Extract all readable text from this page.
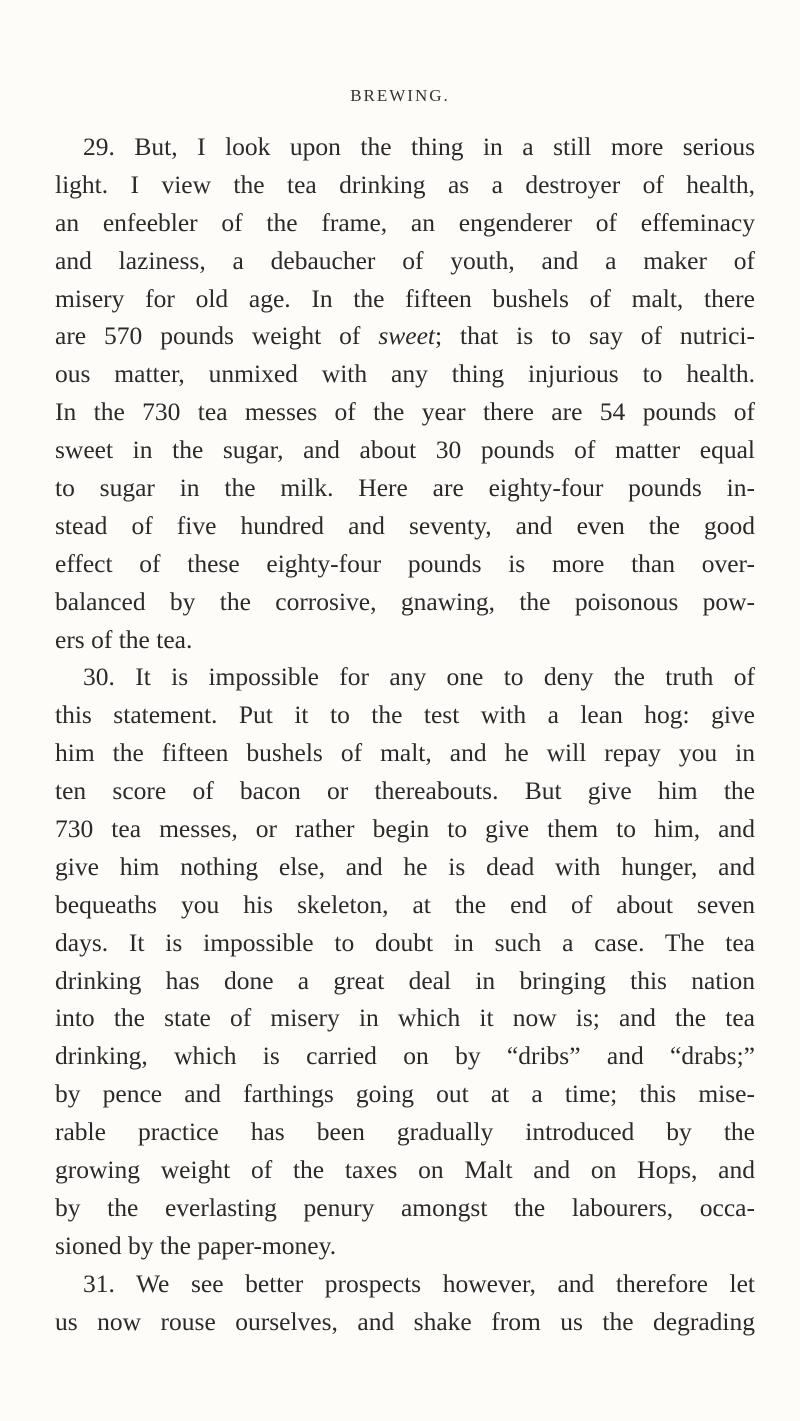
BREWING.
29. But, I look upon the thing in a still more serious
light. I view the tea drinking as a destroyer of health,
an enfeebler of the frame, an engenderer of effeminacy
and laziness, a debaucher of youth, and a maker of
misery for old age. In the fifteen bushels of malt, there
are 570 pounds weight of sweet; that is to say of nutrici-
ous matter, unmixed with any thing injurious to health.
In the 730 tea messes of the year there are 54 pounds of
sweet in the sugar, and about 30 pounds of matter equal
to sugar in the milk. Here are eighty-four pounds in-
stead of five hundred and seventy, and even the good
effect of these eighty-four pounds is more than over-
balanced by the corrosive, gnawing, the poisonous pow-
ers of the tea.
30. It is impossible for any one to deny the truth of
this statement. Put it to the test with a lean hog: give
him the fifteen bushels of malt, and he will repay you in
ten score of bacon or thereabouts. But give him the
730 tea messes, or rather begin to give them to him, and
give him nothing else, and he is dead with hunger, and
bequeaths you his skeleton, at the end of about seven
days. It is impossible to doubt in such a case. The tea
drinking has done a great deal in bringing this nation
into the state of misery in which it now is; and the tea
drinking, which is carried on by “dribs” and “drabs;”
by pence and farthings going out at a time; this mise-
rable practice has been gradually introduced by the
growing weight of the taxes on Malt and on Hops, and
by the everlasting penury amongst the labourers, occa-
sioned by the paper-money.
31. We see better prospects however, and therefore let
us now rouse ourselves, and shake from us the degrading
